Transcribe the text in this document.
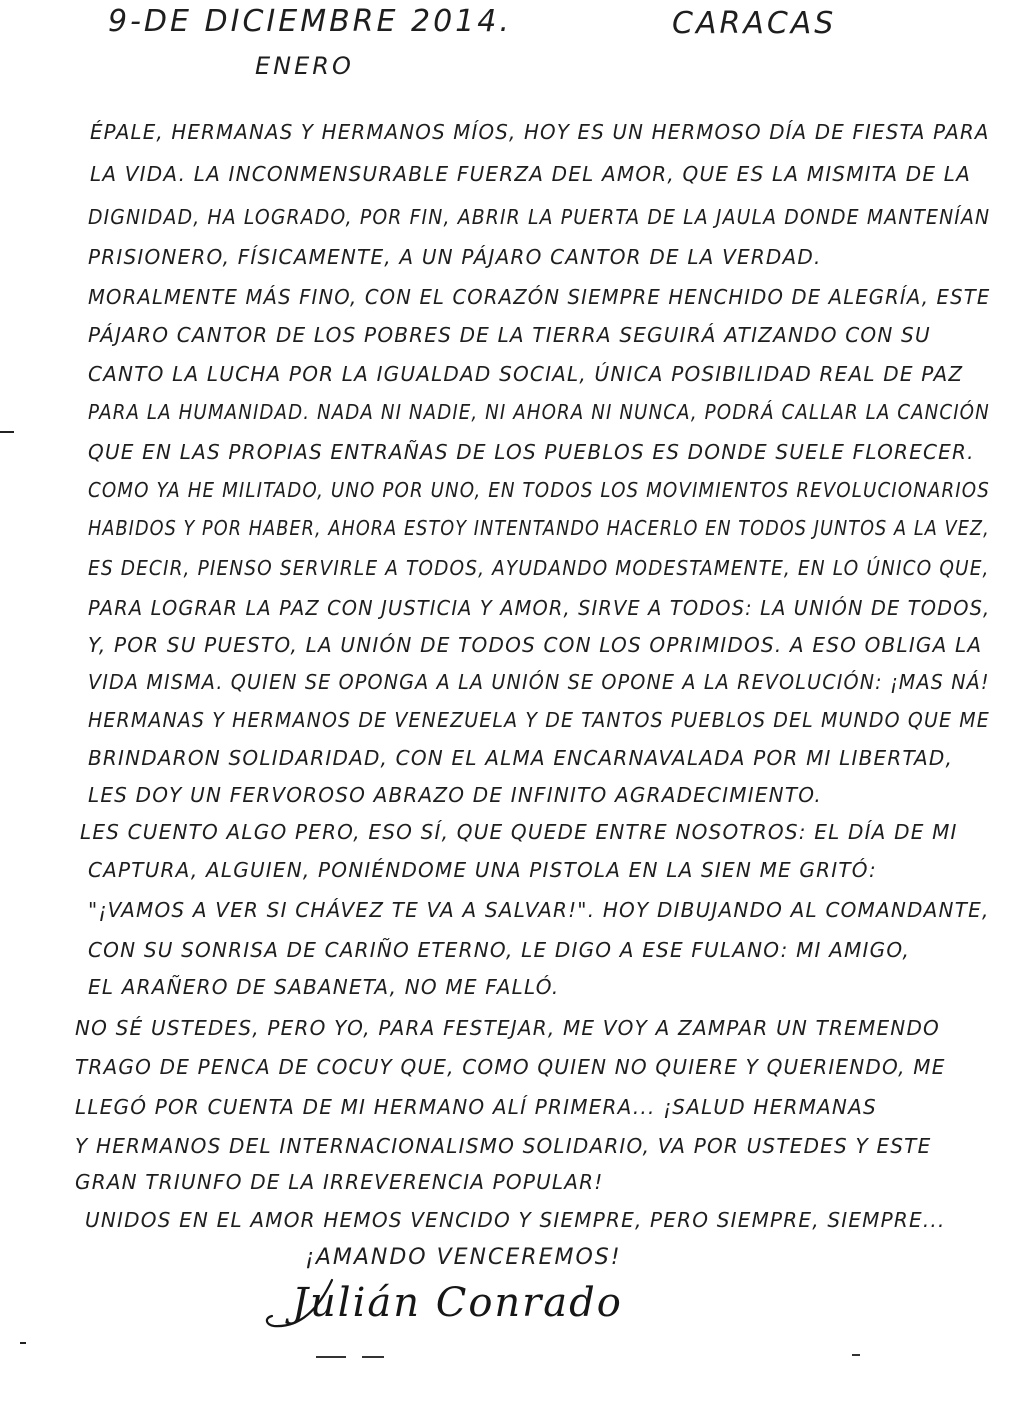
9-DE DICIEMBRE 2014.	CARACAS
ENERO
ÉPALE, HERMANAS Y HERMANOS MÍOS, HOY ES UN HERMOSO DÍA DE FIESTA PARA
LA VIDA. LA INCONMENSURABLE FUERZA DEL AMOR, QUE ES LA MISMITA DE LA
DIGNIDAD, HA LOGRADO, POR FIN, ABRIR LA PUERTA DE LA JAULA DONDE MANTENÍAN
PRISIONERO, FÍSICAMENTE, A UN PÁJARO CANTOR DE LA VERDAD.
MORALMENTE MÁS FINO, CON EL CORAZÓN SIEMPRE HENCHIDO DE ALEGRÍA, ESTE
PÁJARO CANTOR DE LOS POBRES DE LA TIERRA SEGUIRÁ ATIZANDO CON SU
CANTO LA LUCHA POR LA IGUALDAD SOCIAL, ÚNICA POSIBILIDAD REAL DE PAZ
PARA LA HUMANIDAD. NADA NI NADIE, NI AHORA NI NUNCA, PODRÁ CALLAR LA CANCIÓN
QUE EN LAS PROPIAS ENTRAÑAS DE LOS PUEBLOS ES DONDE SUELE FLORECER.
COMO YA HE MILITADO, UNO POR UNO, EN TODOS LOS MOVIMIENTOS REVOLUCIONARIOS
HABIDOS Y POR HABER, AHORA ESTOY INTENTANDO HACERLO EN TODOS JUNTOS A LA VEZ,
ES DECIR, PIENSO SERVIRLE A TODOS, AYUDANDO MODESTAMENTE, EN LO ÚNICO QUE,
PARA LOGRAR LA PAZ CON JUSTICIA Y AMOR, SIRVE A TODOS: LA UNIÓN DE TODOS,
Y, POR SU PUESTO, LA UNIÓN DE TODOS CON LOS OPRIMIDOS. A ESO OBLIGA LA
VIDA MISMA. QUIEN SE OPONGA A LA UNIÓN SE OPONE A LA REVOLUCIÓN: ¡MAS NÁ!
HERMANAS Y HERMANOS DE VENEZUELA Y DE TANTOS PUEBLOS DEL MUNDO QUE ME
BRINDARON SOLIDARIDAD, CON EL ALMA ENCARNAVALADA POR MI LIBERTAD,
LES DOY UN FERVOROSO ABRAZO DE INFINITO AGRADECIMIENTO.
LES CUENTO ALGO PERO, ESO SÍ, QUE QUEDE ENTRE NOSOTROS: EL DÍA DE MI
CAPTURA, ALGUIEN, PONIÉNDOME UNA PISTOLA EN LA SIEN ME GRITÓ:
"¡VAMOS A VER SI CHÁVEZ TE VA A SALVAR!". HOY DIBUJANDO AL COMANDANTE,
CON SU SONRISA DE CARIÑO ETERNO, LE DIGO A ESE FULANO: MI AMIGO,
EL ARAÑERO DE SABANETA, NO ME FALLÓ.
NO SÉ USTEDES, PERO YO, PARA FESTEJAR, ME VOY A ZAMPAR UN TREMENDO
TRAGO DE PENCA DE COCUY QUE, COMO QUIEN NO QUIERE Y QUERIENDO, ME
LLEGÓ POR CUENTA DE MI HERMANO ALÍ PRIMERA... ¡SALUD HERMANAS
Y HERMANOS DEL INTERNACIONALISMO SOLIDARIO, VA POR USTEDES Y ESTE
GRAN TRIUNFO DE LA IRREVERENCIA POPULAR!
UNIDOS EN EL AMOR HEMOS VENCIDO Y SIEMPRE, PERO SIEMPRE, SIEMPRE...
¡AMANDO VENCEREMOS!
Julián Conrado
